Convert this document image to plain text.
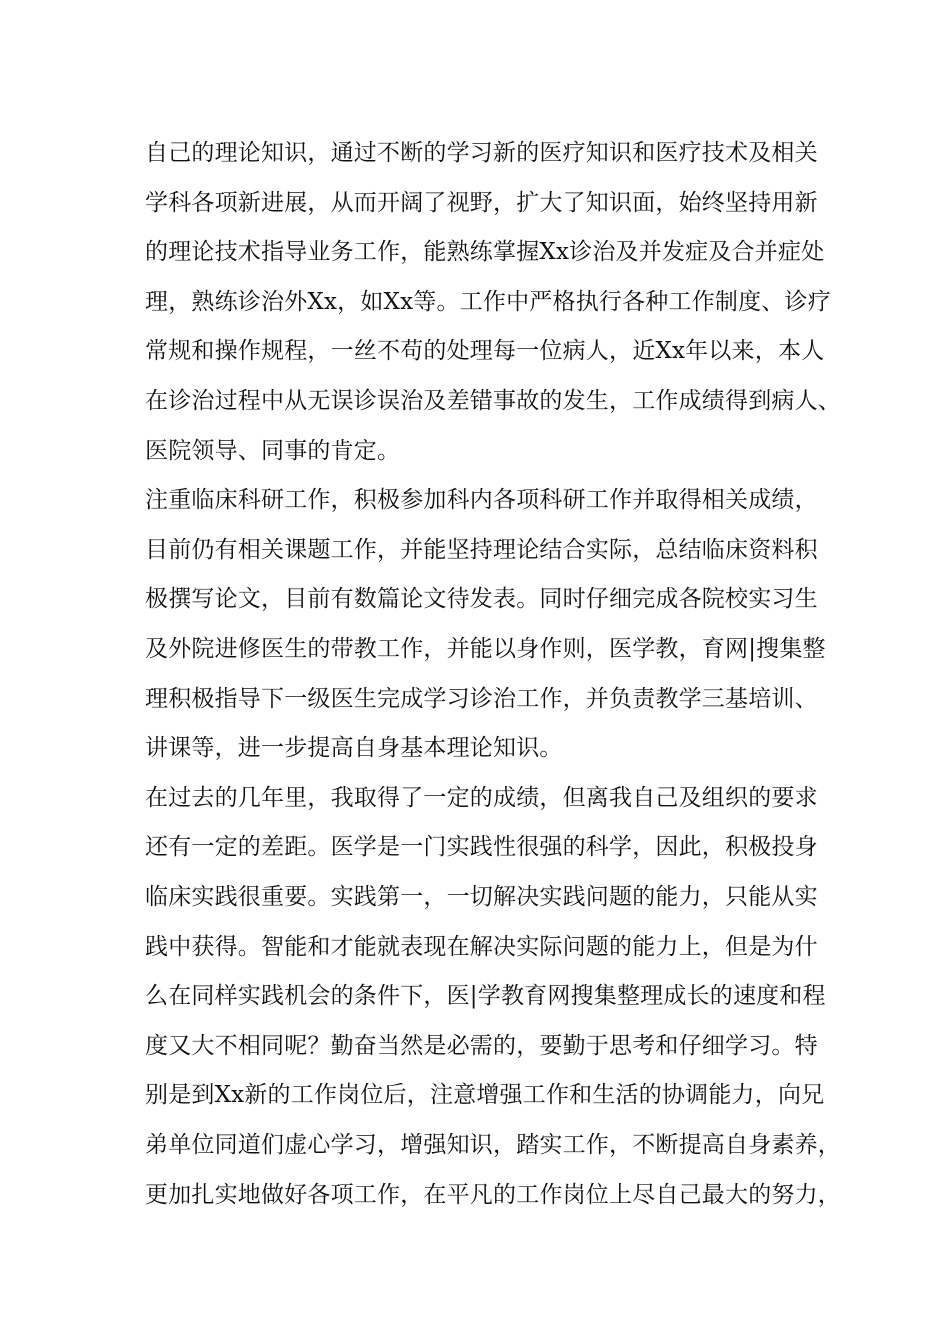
自己的理论知识，通过不断的学习新的医疗知识和医疗技术及相关
学科各项新进展，从而开阔了视野，扩大了知识面，始终坚持用新
的理论技术指导业务工作，能熟练掌握Xx诊治及并发症及合并症处
理，熟练诊治外Xx，如Xx等。工作中严格执行各种工作制度、诊疗
常规和操作规程，一丝不苟的处理每一位病人，近Xx年以来，本人
在诊治过程中从无误诊误治及差错事故的发生，工作成绩得到病人、
医院领导、同事的肯定。
注重临床科研工作，积极参加科内各项科研工作并取得相关成绩，
目前仍有相关课题工作，并能坚持理论结合实际，总结临床资料积
极撰写论文，目前有数篇论文待发表。同时仔细完成各院校实习生
及外院进修医生的带教工作，并能以身作则，医学教，育网|搜集整
理积极指导下一级医生完成学习诊治工作，并负责教学三基培训、
讲课等，进一步提高自身基本理论知识。
在过去的几年里，我取得了一定的成绩，但离我自己及组织的要求
还有一定的差距。医学是一门实践性很强的科学，因此，积极投身
临床实践很重要。实践第一，一切解决实践问题的能力，只能从实
践中获得。智能和才能就表现在解决实际问题的能力上，但是为什
么在同样实践机会的条件下，医|学教育网搜集整理成长的速度和程
度又大不相同呢？勤奋当然是必需的，要勤于思考和仔细学习。特
别是到Xx新的工作岗位后，注意增强工作和生活的协调能力，向兄
弟单位同道们虚心学习，增强知识，踏实工作，不断提高自身素养，
更加扎实地做好各项工作，在平凡的工作岗位上尽自己最大的努力，
